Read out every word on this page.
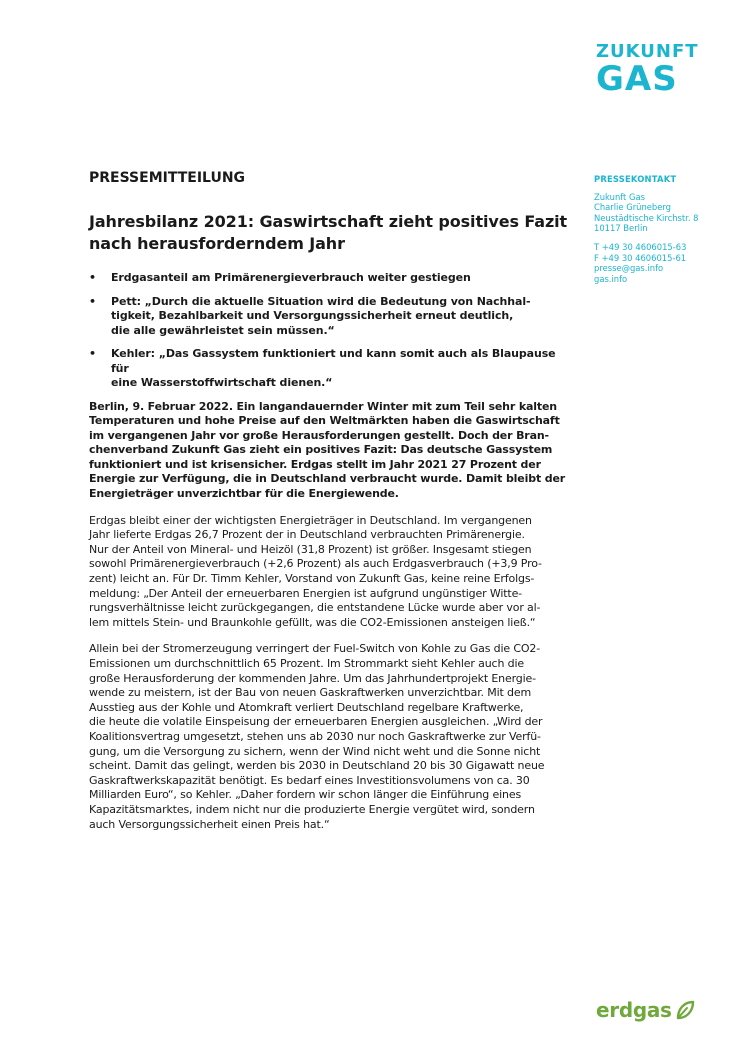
ZUKUNFT
GAS
PRESSEKONTAKT
Zukunft Gas
Charlie Grüneberg
Neustädtische Kirchstr. 8
10117 Berlin
T +49 30 4606015-63
F +49 30 4606015-61
presse@gas.info
gas.info
PRESSEMITTEILUNG
Jahresbilanz 2021: Gaswirtschaft zieht positives Fazit nach herausforderndem Jahr
• Erdgasanteil am Primärenergieverbrauch weiter gestiegen
• Pett: „Durch die aktuelle Situation wird die Bedeutung von Nachhal-
tigkeit, Bezahlbarkeit und Versorgungssicherheit erneut deutlich,
die alle gewährleistet sein müssen.“
• Kehler: „Das Gassystem funktioniert und kann somit auch als Blaupause für
eine Wasserstoffwirtschaft dienen.“

Berlin, 9. Februar 2022. Ein langandauernder Winter mit zum Teil sehr kalten
Temperaturen und hohe Preise auf den Weltmärkten haben die Gaswirtschaft
im vergangenen Jahr vor große Herausforderungen gestellt. Doch der Bran-
chenverband Zukunft Gas zieht ein positives Fazit: Das deutsche Gassystem
funktioniert und ist krisensicher. Erdgas stellt im Jahr 2021 27 Prozent der
Energie zur Verfügung, die in Deutschland verbraucht wurde. Damit bleibt der
Energieträger unverzichtbar für die Energiewende.

Erdgas bleibt einer der wichtigsten Energieträger in Deutschland. Im vergangenen
Jahr lieferte Erdgas 26,7 Prozent der in Deutschland verbrauchten Primärenergie.
Nur der Anteil von Mineral- und Heizöl (31,8 Prozent) ist größer. Insgesamt stiegen
sowohl Primärenergieverbrauch (+2,6 Prozent) als auch Erdgasverbrauch (+3,9 Pro-
zent) leicht an. Für Dr. Timm Kehler, Vorstand von Zukunft Gas, keine reine Erfolgs-
meldung: „Der Anteil der erneuerbaren Energien ist aufgrund ungünstiger Witte-
rungsverhältnisse leicht zurückgegangen, die entstandene Lücke wurde aber vor al-
lem mittels Stein- und Braunkohle gefüllt, was die CO2-Emissionen ansteigen ließ.“

Allein bei der Stromerzeugung verringert der Fuel-Switch von Kohle zu Gas die CO2-
Emissionen um durchschnittlich 65 Prozent. Im Strommarkt sieht Kehler auch die
große Herausforderung der kommenden Jahre. Um das Jahrhundertprojekt Energie-
wende zu meistern, ist der Bau von neuen Gaskraftwerken unverzichtbar. Mit dem
Ausstieg aus der Kohle und Atomkraft verliert Deutschland regelbare Kraftwerke,
die heute die volatile Einspeisung der erneuerbaren Energien ausgleichen. „Wird der
Koalitionsvertrag umgesetzt, stehen uns ab 2030 nur noch Gaskraftwerke zur Verfü-
gung, um die Versorgung zu sichern, wenn der Wind nicht weht und die Sonne nicht
scheint. Damit das gelingt, werden bis 2030 in Deutschland 20 bis 30 Gigawatt neue
Gaskraftwerkskapazität benötigt. Es bedarf eines Investitionsvolumens von ca. 30
Milliarden Euro“, so Kehler. „Daher fordern wir schon länger die Einführung eines
Kapazitätsmarktes, indem nicht nur die produzierte Energie vergütet wird, sondern
auch Versorgungssicherheit einen Preis hat.“

erdgas
